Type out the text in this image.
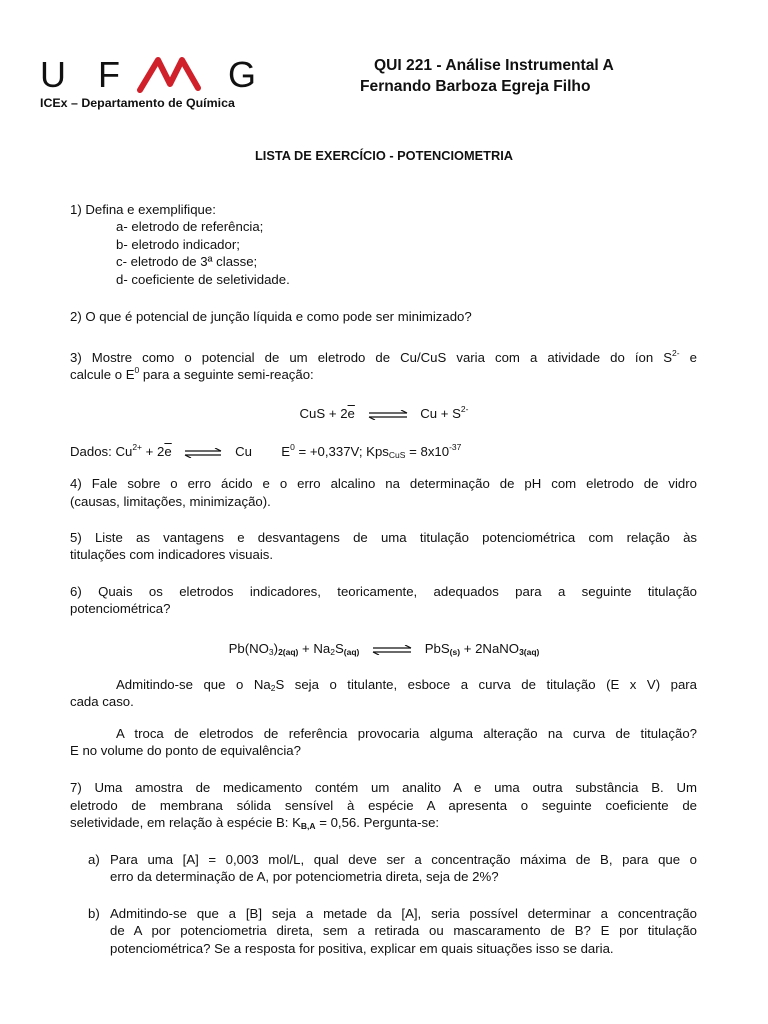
U F	G
ICEx – Departamento de Química
QUI 221 - Análise Instrumental A
Fernando Barboza Egreja Filho
LISTA DE EXERCÍCIO - POTENCIOMETRIA
1) Defina e exemplifique:
a- eletrodo de referência;
b- eletrodo indicador;
c- eletrodo de 3ª classe;
d- coeficiente de seletividade.
2) O que é potencial de junção líquida e como pode ser minimizado?
3) Mostre como o potencial de um eletrodo de Cu/CuS varia com a atividade do íon $S^{2-}$ e
calcule o $E^0$ para a seguinte semi-reação:
CuS + $2\overline{e}$ ⇌ $Cu + S^{2-}$
Dados: $Cu^{2+} + 2\overline{e}$ ⇌ Cu $E^0 = +0,337V$; $Kps_{CuS} = 8x10^{-37}$
4) Fale sobre o erro ácido e o erro alcalino na determinação de pH com eletrodo de vidro
(causas, limitações, minimização).
5) Liste as vantagens e desvantagens de uma titulação potenciométrica com relação às
titulações com indicadores visuais.
6) Quais os eletrodos indicadores, teoricamente, adequados para a seguinte titulação
potenciométrica?
$Pb(NO_3)_{2(aq)} + Na_2S_{(aq)}$ ⇌ PbS$_{(s)}$ + 2NaNO$_{3(aq)}$
Admitindo-se que o $Na_2S$ seja o titulante, esboce a curva de titulação (E x V) para
cada caso.
A troca de eletrodos de referência provocaria alguma alteração na curva de titulação?
E no volume do ponto de equivalência?
7) Uma amostra de medicamento contém um analito A e uma outra substância B. Um
eletrodo de membrana sólida sensível à espécie A apresenta o seguinte coeficiente de
seletividade, em relação à espécie B: $K_{B,A} = 0,56$. Pergunta-se:
a) Para uma [A] = 0,003 mol/L, qual deve ser a concentração máxima de B, para que o
erro da determinação de A, por potenciometria direta, seja de 2%?
b) Admitindo-se que a [B] seja a metade da [A], seria possível determinar a concentração
de A por potenciometria direta, sem a retirada ou mascaramento de B? E por titulação
potenciométrica? Se a resposta for positiva, explicar em quais situações isso se daria.
